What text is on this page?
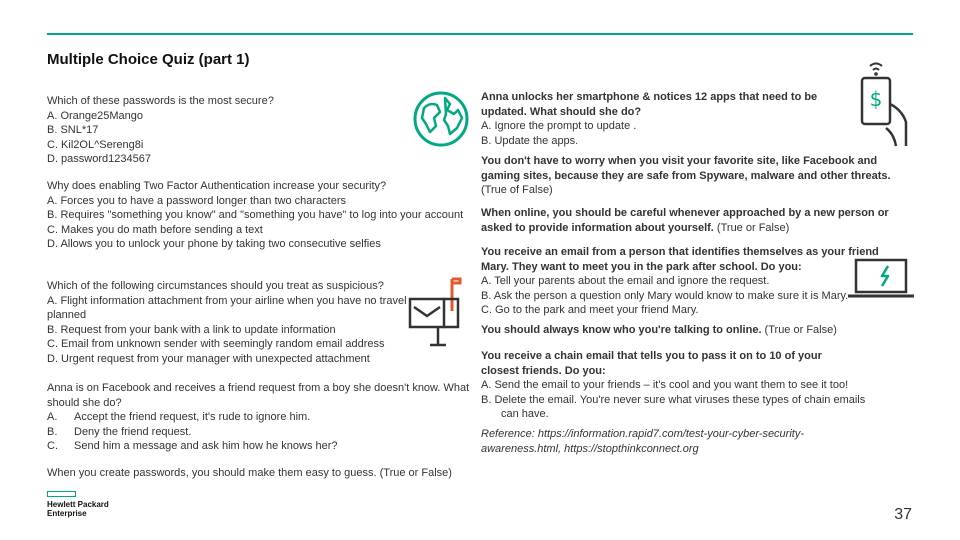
Multiple Choice Quiz (part 1)
Which of these passwords is the most secure?
A. Orange25Mango
B. SNL*17
C. Kil2OL^Sereng8i
D. password1234567
Why does enabling Two Factor Authentication increase your security?
A. Forces you to have a password longer than two characters
B. Requires "something you know" and "something you have" to log into your account
C. Makes you do math before sending a text
D. Allows you to unlock your phone by taking two consecutive selfies
Which of the following circumstances should you treat as suspicious?
A. Flight information attachment from your airline when you have no travel planned
B. Request from your bank with a link to update information
C. Email from unknown sender with seemingly random email address
D. Urgent request from your manager with unexpected attachment
Anna is on Facebook and receives a friend request from a boy she doesn't know. What should she do?
A.	Accept the friend request, it's rude to ignore him.
B.	Deny the friend request.
C.	Send him a message and ask him how he knows her?
When you create passwords, you should make them easy to guess. (True or False)
Anna unlocks her smartphone & notices 12 apps that need to be updated. What should she do?
A. Ignore the prompt to update .
B. Update the apps.
You don't have to worry when you visit your favorite site, like Facebook and gaming sites, because they are safe from Spyware, malware and other threats. (True of False)
When online, you should be careful whenever approached by a new person or asked to provide information about yourself. (True or False)
You receive an email from a person that identifies themselves as your friend Mary. They want to meet you in the park after school. Do you:
A. Tell your parents about the email and ignore the request.
B. Ask the person a question only Mary would know to make sure it is Mary.
C. Go to the park and meet your friend Mary.
You should always know who you're talking to online. (True or False)
You receive a chain email that tells you to pass it on to 10 of your closest friends. Do you:
A. Send the email to your friends – it's cool and you want them to see it too!
B. Delete the email. You're never sure what viruses these types of chain emails can have.
Reference: https://information.rapid7.com/test-your-cyber-security-awareness.html, https://stopthinkconnect.org
$
Hewlett Packard
Enterprise	37
